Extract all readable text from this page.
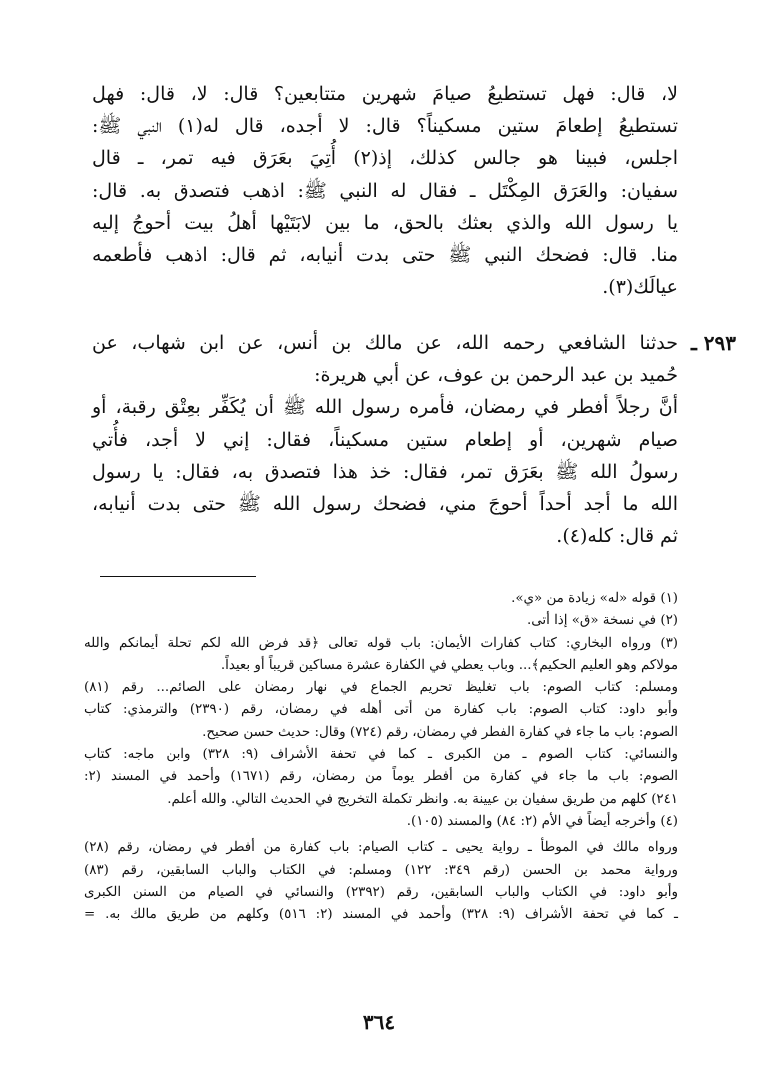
لا، قال: فهل تستطيعُ صيامَ شهرين متتابعين؟ قال: لا، قال: فهل
تستطيعُ إطعامَ ستين مسكيناً؟ قال: لا أجده، قال له(١) النبي ﷺ:
اجلس، فبينا هو جالس كذلك، إذ(٢) أُتِيَ بعَرَق فيه تمر، ـ قال
سفيان: والعَرَق المِكْتَل ـ فقال له النبي ﷺ: اذهب فتصدق به. قال:
يا رسول الله والذي بعثك بالحق، ما بين لابَتَيْها أهلُ بيت أحوجُ إليه
منا. قال: فضحك النبي ﷺ حتى بدت أنيابه، ثم قال: اذهب فأطعمه
عيالَك(٣).
٢٩٣ ـ
حدثنا الشافعي رحمه الله، عن مالك بن أنس، عن ابن شهاب، عن
حُميد بن عبد الرحمن بن عوف، عن أبي هريرة:
أنَّ رجلاً أفطر في رمضان، فأمره رسول الله ﷺ أن يُكَفِّر بعِتْق رقبة، أو
صيام شهرين، أو إطعام ستين مسكيناً، فقال: إني لا أجد، فأُتي
رسولُ الله ﷺ بعَرَق تمر، فقال: خذ هذا فتصدق به، فقال: يا رسول
الله ما أجد أحداً أحوجَ مني، فضحك رسول الله ﷺ حتى بدت أنيابه،
ثم قال: كله(٤).
(١) قوله «له» زيادة من «ي».
(٢) في نسخة «ق» إذا أتى.
(٣) ورواه البخاري: كتاب كفارات الأيمان: باب قوله تعالى ﴿قد فرض الله لكم تحلة أيمانكم والله
مولاكم وهو العليم الحكيم﴾... وباب يعطي في الكفارة عشرة مساكين قريباً أو بعيداً.
ومسلم: كتاب الصوم: باب تغليظ تحريم الجماع في نهار رمضان على الصائم... رقم (٨١)
وأبو داود: كتاب الصوم: باب كفارة من أتى أهله في رمضان، رقم (٢٣٩٠) والترمذي: كتاب
الصوم: باب ما جاء في كفارة الفطر في رمضان، رقم (٧٢٤) وقال: حديث حسن صحيح.
والنسائي: كتاب الصوم ـ من الكبرى ـ كما في تحفة الأشراف (٩: ٣٢٨) وابن ماجه: كتاب
الصوم: باب ما جاء في كفارة من أفطر يوماً من رمضان، رقم (١٦٧١) وأحمد في المسند (٢:
٢٤١) كلهم من طريق سفيان بن عيينة به. وانظر تكملة التخريج في الحديث التالي. والله أعلم.
(٤) وأخرجه أيضاً في الأم (٢: ٨٤) والمسند (١٠٥).
ورواه مالك في الموطأ ـ رواية يحيى ـ كتاب الصيام: باب كفارة من أفطر في رمضان، رقم (٢٨)
ورواية محمد بن الحسن (رقم ٣٤٩: ١٢٢) ومسلم: في الكتاب والباب السابقين، رقم (٨٣)
وأبو داود: في الكتاب والباب السابقين، رقم (٢٣٩٢) والنسائي في الصيام من السنن الكبرى
ـ كما في تحفة الأشراف (٩: ٣٢٨) وأحمد في المسند (٢: ٥١٦) وكلهم من طريق مالك به. =
٣٦٤
